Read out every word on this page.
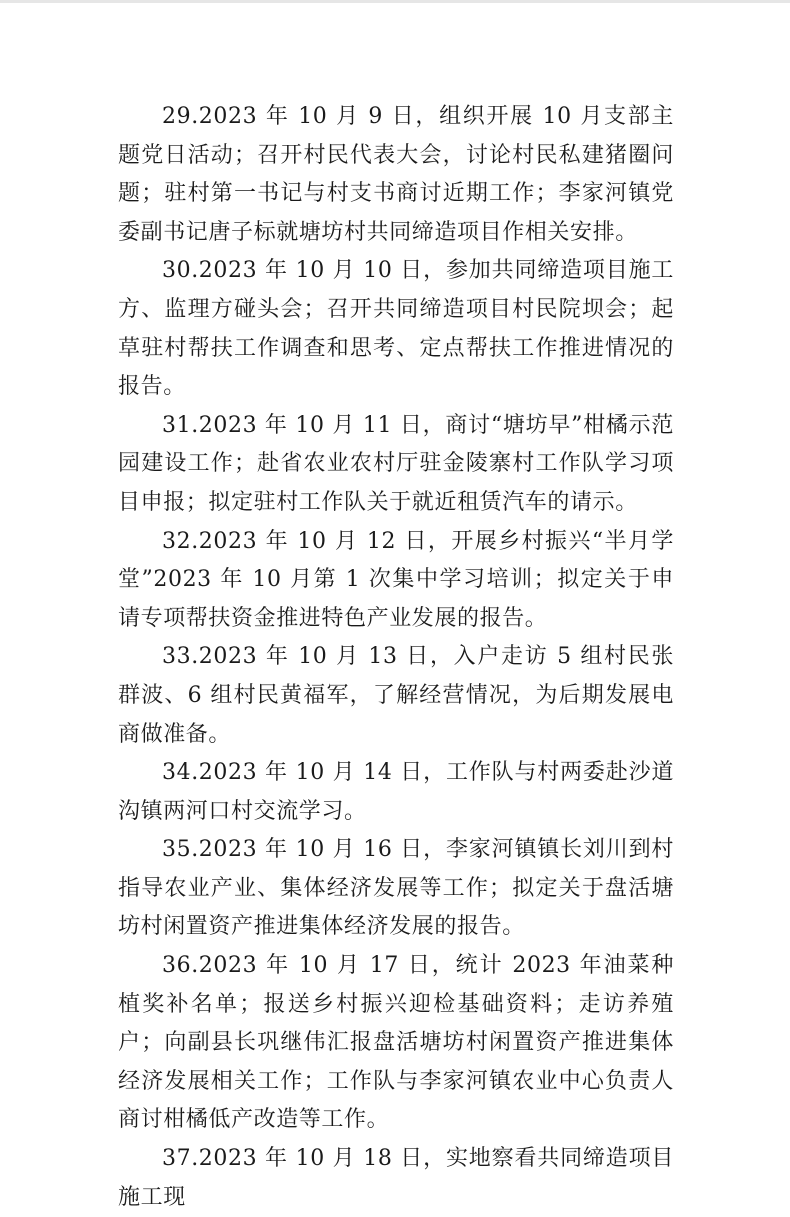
29.2023 年 10 月 9 日，组织开展 10 月支部主题党日活动；召开村民代表大会，讨论村民私建猪圈问题；驻村第一书记与村支书商讨近期工作；李家河镇党委副书记唐子标就塘坊村共同缔造项目作相关安排。

30.2023 年 10 月 10 日，参加共同缔造项目施工方、监理方碰头会；召开共同缔造项目村民院坝会；起草驻村帮扶工作调查和思考、定点帮扶工作推进情况的报告。

31.2023 年 10 月 11 日，商讨“塘坊早”柑橘示范园建设工作；赴省农业农村厅驻金陵寨村工作队学习项目申报；拟定驻村工作队关于就近租赁汽车的请示。

32.2023 年 10 月 12 日，开展乡村振兴“半月学堂”2023 年 10 月第 1 次集中学习培训；拟定关于申请专项帮扶资金推进特色产业发展的报告。

33.2023 年 10 月 13 日，入户走访 5 组村民张群波、6 组村民黄福军，了解经营情况，为后期发展电商做准备。

34.2023 年 10 月 14 日，工作队与村两委赴沙道沟镇两河口村交流学习。

35.2023 年 10 月 16 日，李家河镇镇长刘川到村指导农业产业、集体经济发展等工作；拟定关于盘活塘坊村闲置资产推进集体经济发展的报告。

36.2023 年 10 月 17 日，统计 2023 年油菜种植奖补名单；报送乡村振兴迎检基础资料；走访养殖户；向副县长巩继伟汇报盘活塘坊村闲置资产推进集体经济发展相关工作；工作队与李家河镇农业中心负责人商讨柑橘低产改造等工作。

37.2023 年 10 月 18 日，实地察看共同缔造项目施工现
